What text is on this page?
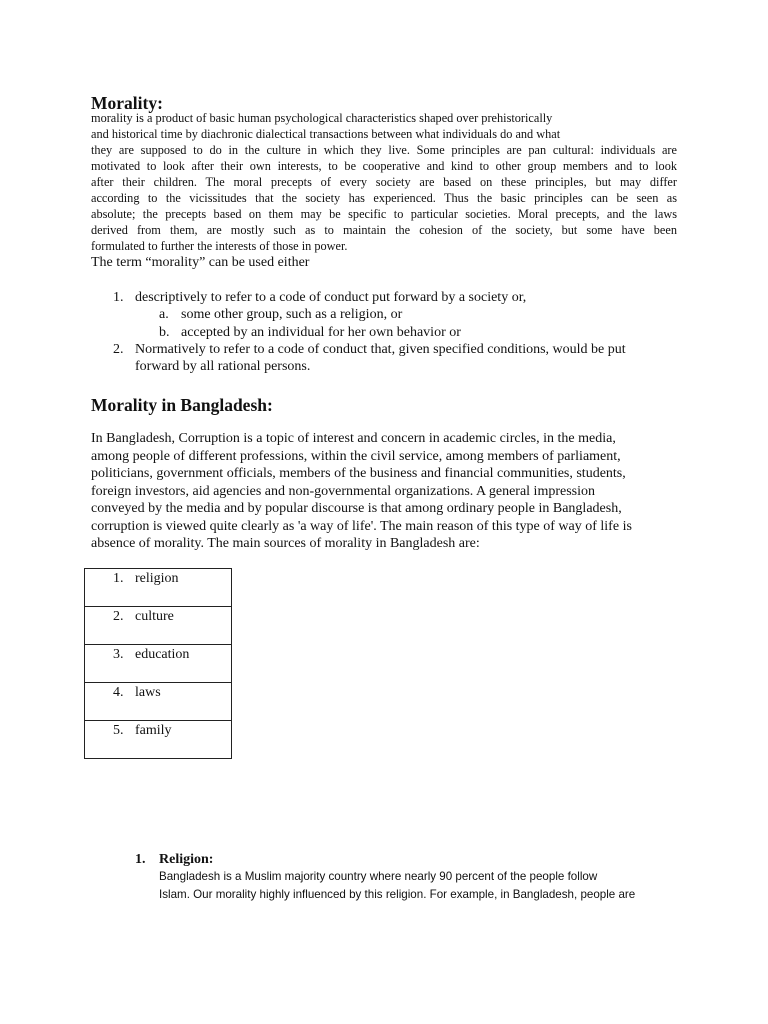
Morality:
morality is a product of basic human psychological characteristics shaped over prehistorically
and historical time by diachronic dialectical transactions between what individuals do and what
they are supposed to do in the culture in which they live. Some principles are pan cultural: individuals are
motivated to look after their own interests, to be cooperative and kind to other group members and to look
after their children. The moral precepts of every society are based on these principles, but may differ
according to the vicissitudes that the society has experienced. Thus the basic principles can be seen as
absolute; the precepts based on them may be specific to particular societies. Moral precepts, and the laws
derived from them, are mostly such as to maintain the cohesion of the society, but some have been
formulated to further the interests of those in power.
The term “morality” can be used either
1. descriptively to refer to a code of conduct put forward by a society or,
a. some other group, such as a religion, or
b. accepted by an individual for her own behavior or
2. Normatively to refer to a code of conduct that, given specified conditions, would be put
forward by all rational persons.
Morality in Bangladesh:
In Bangladesh, Corruption is a topic of interest and concern in academic circles, in the media,
among people of different professions, within the civil service, among members of parliament,
politicians, government officials, members of the business and financial communities, students,
foreign investors, aid agencies and non-governmental organizations. A general impression
conveyed by the media and by popular discourse is that among ordinary people in Bangladesh,
corruption is viewed quite clearly as 'a way of life'. The main reason of this type of way of life is
absence of morality. The main sources of morality in Bangladesh are:
1. religion
2. culture
3. education
4. laws
5. family
1. Religion:
Bangladesh is a Muslim majority country where nearly 90 percent of the people follow
Islam. Our morality highly influenced by this religion. For example, in Bangladesh, people are
